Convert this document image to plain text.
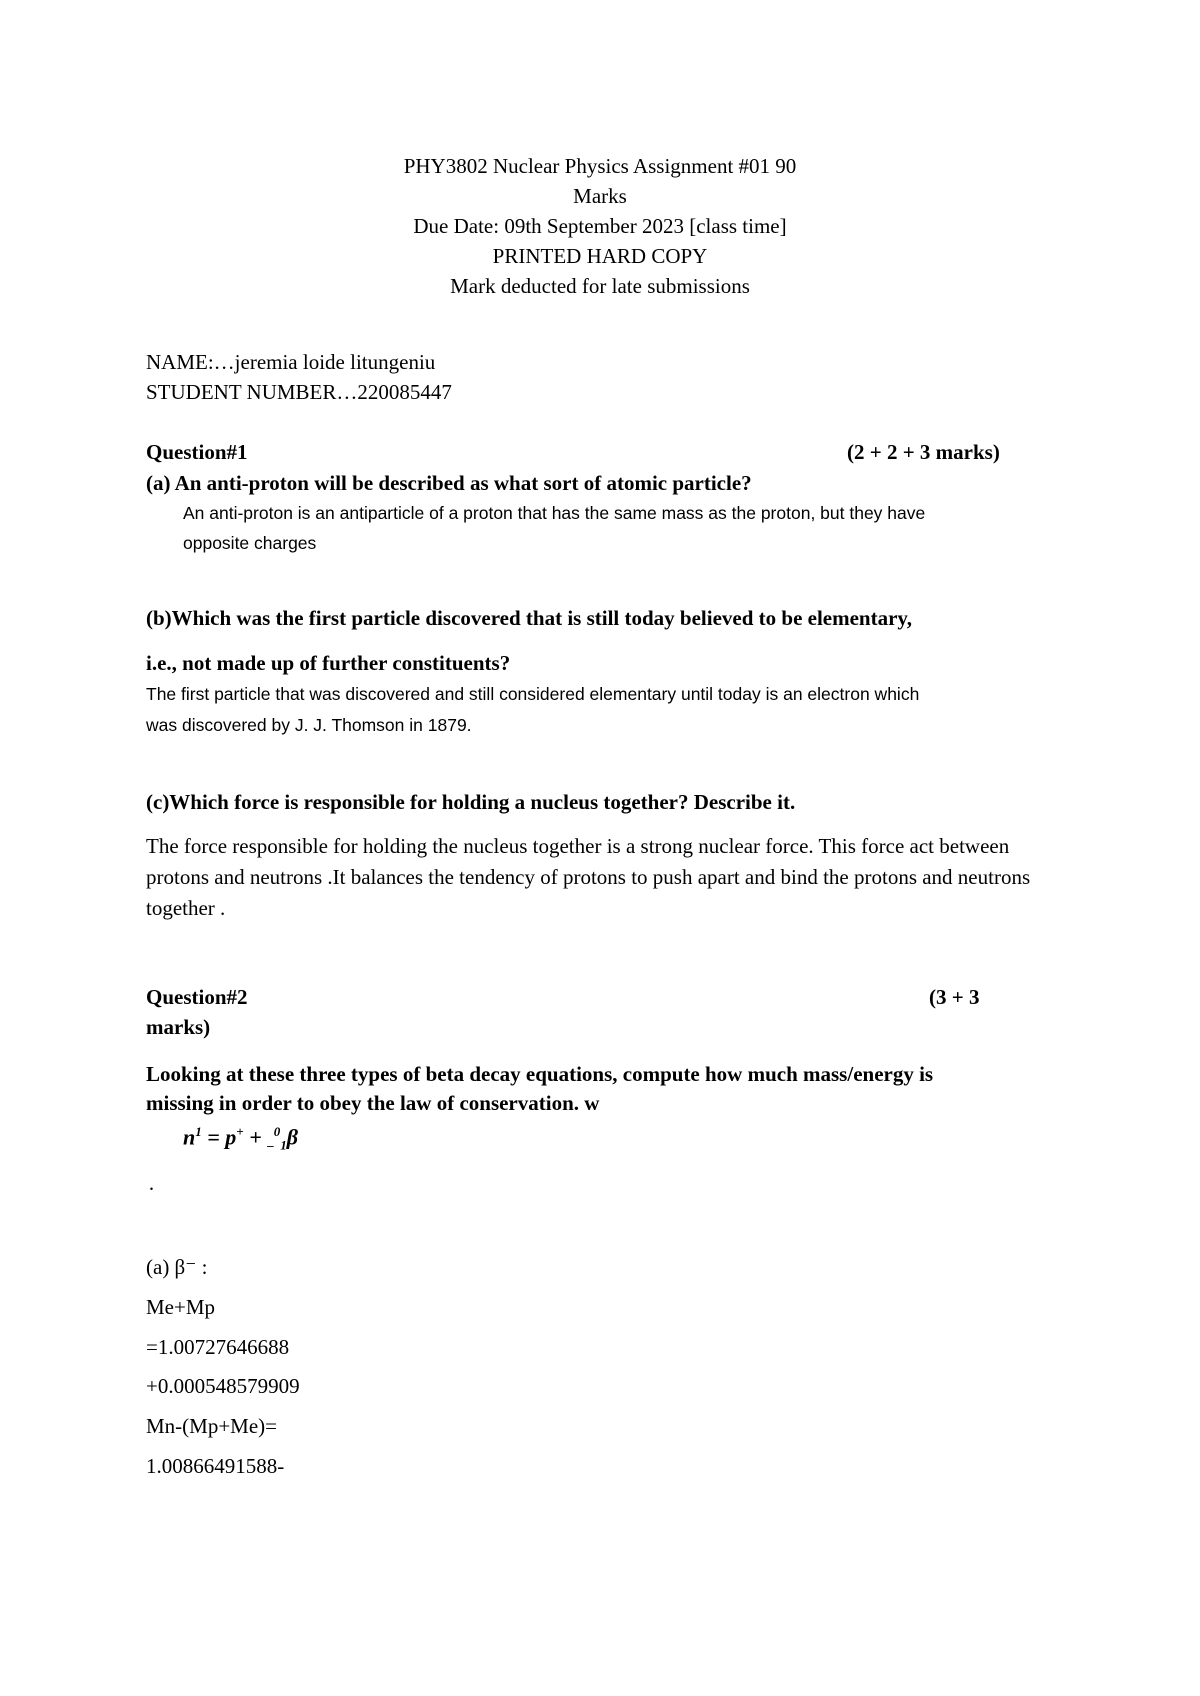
PHY3802 Nuclear Physics Assignment #01 90
Marks
Due Date: 09th September 2023 [class time]
PRINTED HARD COPY
Mark deducted for late submissions
NAME:…jeremia loide litungeniu
STUDENT NUMBER…220085447
Question#1	(2 + 2 + 3 marks)
(a) An anti-proton will be described as what sort of atomic particle?
An anti-proton is an antiparticle of a proton that has the same mass as the proton, but they have
opposite charges
(b)Which was the first particle discovered that is still today believed to be elementary,
i.e., not made up of further constituents?
The first particle that was discovered and still considered elementary until today is an electron which
was discovered by J. J. Thomson in 1879.
(c)Which force is responsible for holding a nucleus together? Describe it.
The force responsible for holding the nucleus together is a strong nuclear force. This force act between protons and neutrons .It balances the tendency of protons to push apart and bind the protons and neutrons together .
Question#2	(3 + 3
marks)
Looking at these three types of beta decay equations, compute how much mass/energy is
missing in order to obey the law of conservation. w
$n^1 = p^+ + _-^0_1\beta$
·
(a) β⁻ :
Me+Mp
=1.00727646688
+0.000548579909
Mn-(Mp+Me)=
1.00866491588-
